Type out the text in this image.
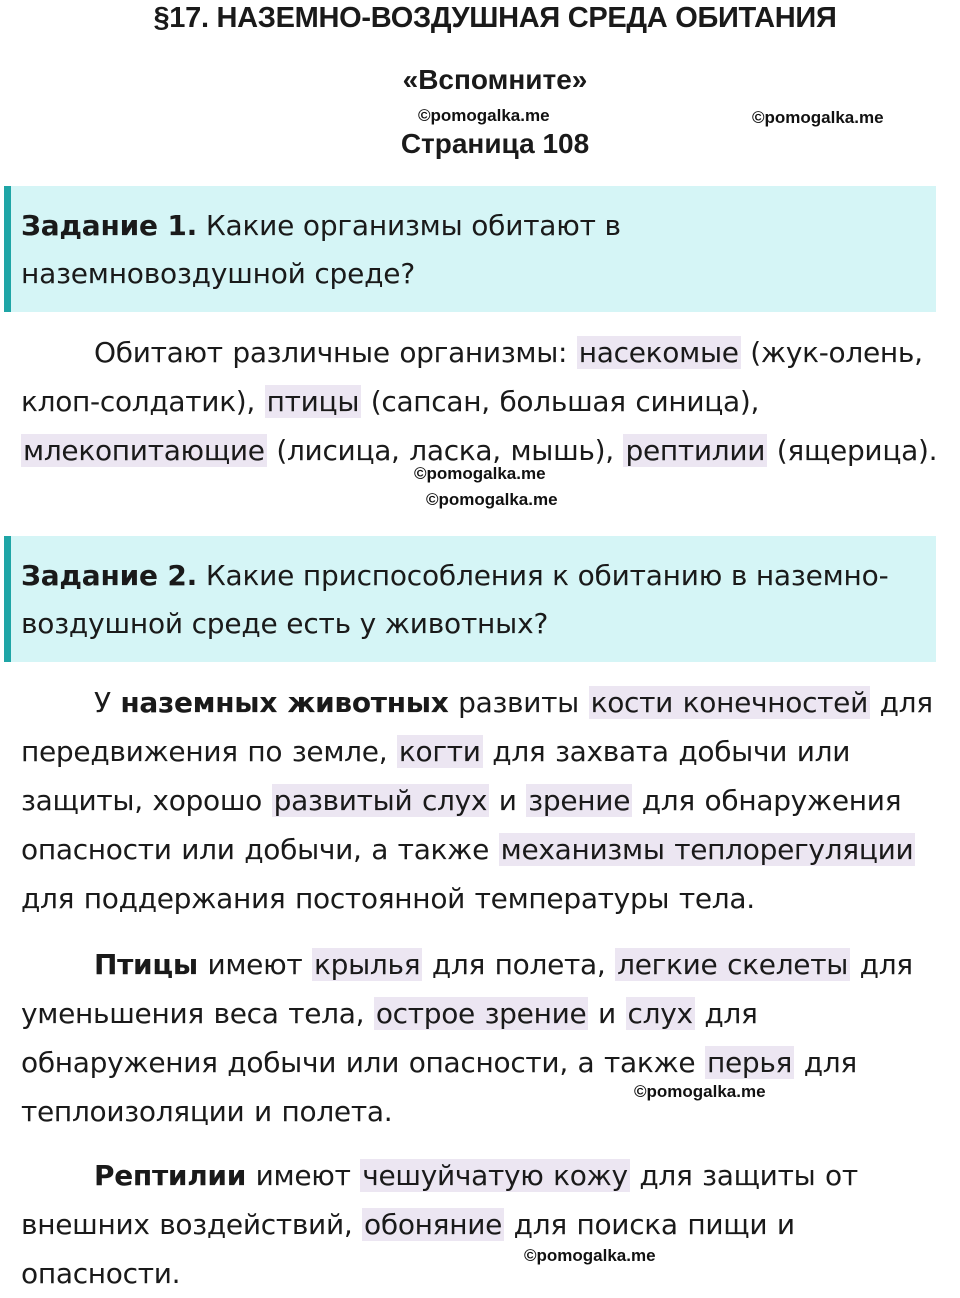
§17. НАЗЕМНО-ВОЗДУШНАЯ СРЕДА ОБИТАНИЯ
«Вспомните»
©pomogalka.me	©pomogalka.me
Страница 108
Задание 1. Какие организмы обитают в
наземновоздушной среде?
Обитают различные организмы: насекомые (жук-олень, клоп-солдатик), птицы (сапсан, большая синица), млекопитающие (лисица, ласка, мышь), рептилии (ящерица).
©pomogalka.me
©pomogalka.me
Задание 2. Какие приспособления к обитанию в наземно-
воздушной среде есть у животных?
У наземных животных развиты кости конечностей для передвижения по земле, когти для захвата добычи или защиты, хорошо развитый слух и зрение для обнаружения опасности или добычи, а также механизмы теплорегуляции для поддержания постоянной температуры тела.
Птицы имеют крылья для полета, легкие скелеты для уменьшения веса тела, острое зрение и слух для обнаружения добычи или опасности, а также перья для теплоизоляции и полета.
©pomogalka.me
Рептилии имеют чешуйчатую кожу для защиты от внешних воздействий, обоняние для поиска пищи и опасности.
©pomogalka.me
